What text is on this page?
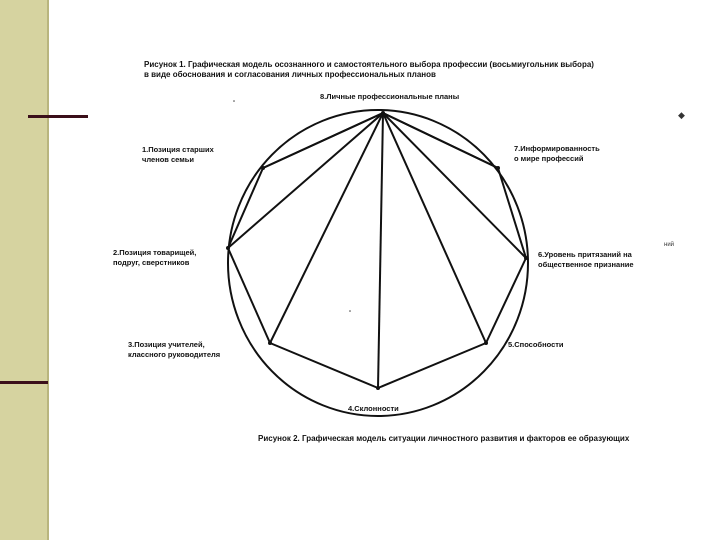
Рисунок 1. Графическая модель осознанного и самостоятельного выбора профессии (восьмиугольник выбора)
в виде обоснования и согласования личных профессиональных планов
8.Личные профессиональные планы
7.Информированность
о мире профессий
6.Уровень притязаний на
общественное признание
5.Способности
4.Склонности
3.Позиция учителей,
классного руководителя
2.Позиция товарищей,
подруг, сверстников
1.Позиция старших
членов семьи
Рисунок 2. Графическая модель ситуации личностного развития и факторов ее образующих
ний
◆
